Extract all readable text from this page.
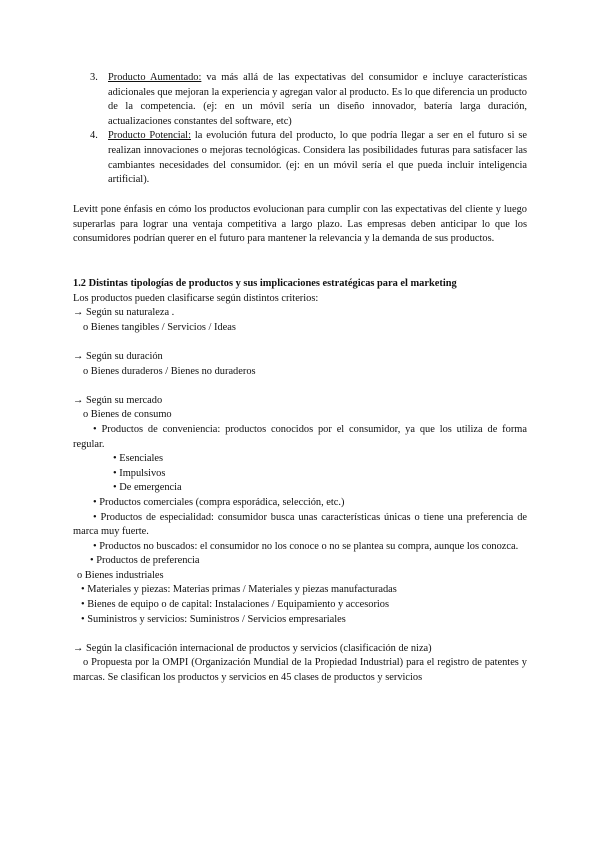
3. Producto Aumentado: va más allá de las expectativas del consumidor e incluye características adicionales que mejoran la experiencia y agregan valor al producto. Es lo que diferencia un producto de la competencia. (ej: en un móvil sería un diseño innovador, batería larga duración, actualizaciones constantes del software, etc)
4. Producto Potencial: la evolución futura del producto, lo que podría llegar a ser en el futuro si se realizan innovaciones o mejoras tecnológicas. Considera las posibilidades futuras para satisfacer las cambiantes necesidades del consumidor. (ej: en un móvil sería el que pueda incluir inteligencia artificial).
Levitt pone énfasis en cómo los productos evolucionan para cumplir con las expectativas del cliente y luego superarlas para lograr una ventaja competitiva a largo plazo. Las empresas deben anticipar lo que los consumidores podrían querer en el futuro para mantener la relevancia y la demanda de sus productos.
1.2 Distintas tipologías de productos y sus implicaciones estratégicas para el marketing
Los productos pueden clasificarse según distintos criterios:
→ Según su naturaleza .
o Bienes tangibles / Servicios / Ideas
→ Según su duración
o Bienes duraderos / Bienes no duraderos
→ Según su mercado
o Bienes de consumo
• Productos de conveniencia: productos conocidos por el consumidor, ya que los utiliza de forma regular.
• Esenciales
• Impulsivos
• De emergencia
• Productos comerciales (compra esporádica, selección, etc.)
• Productos de especialidad: consumidor busca unas características únicas o tiene una preferencia de marca muy fuerte.
• Productos no buscados: el consumidor no los conoce o no se plantea su compra, aunque los conozca.
• Productos de preferencia
o Bienes industriales
• Materiales y piezas: Materias primas / Materiales y piezas manufacturadas
• Bienes de equipo o de capital: Instalaciones / Equipamiento y accesorios
• Suministros y servicios: Suministros / Servicios empresariales
→ Según la clasificación internacional de productos y servicios (clasificación de niza)
o Propuesta por la OMPI (Organización Mundial de la Propiedad Industrial) para el registro de patentes y marcas. Se clasifican los productos y servicios en 45 clases de productos y servicios
